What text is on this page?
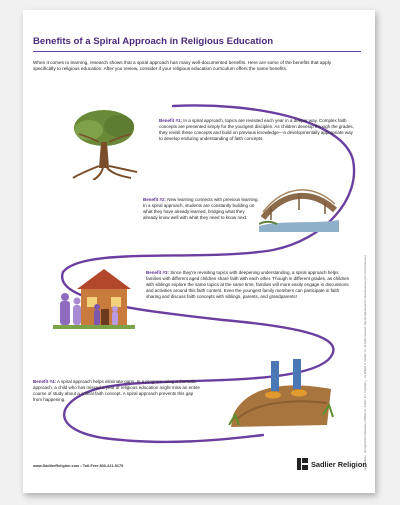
Benefits of a Spiral Approach in Religious Education

When it comes to learning, research shows that a spiral approach has many well-documented benefits. Here are some of the benefits that apply specifically to religious education. After you review, consider if your religious education curriculum offers the same benefits.

Benefit #1: In a spiral approach, topics are revisited each year in a deeper way. Complex faith concepts are presented simply for the youngest disciples. As children develop through the grades, they revisit these concepts and build on previous knowledge—a developmentally appropriate way to develop enduring understanding of faith concepts.

Benefit #2: New learning connects with previous learning. In a spiral approach, students are constantly building on what they have already learned, bridging what they already know well with what they need to know next.

Benefit #3: Since they're revisiting topics with deepening understanding, a spiral approach helps families with different aged children share faith with each other. Though in different grades, as children with siblings explore the same topics at the same time, families will more easily engage in discussions and activities around this faith content. Even the youngest family members can participate in faith sharing and discuss faith concepts with siblings, parents, and grandparents!

Benefit #4: A spiral approach helps eliminate gaps. In a program using a thematic approach, a child who has missed a year of religious education might miss an entire course of study about a critical faith concept. A spiral approach prevents this gap from happening.	and Sadlier® are registered trademarks of William H. Sadlier, Inc. Copyright © by William H. Sadlier, Inc. All rights reserved. May be reproduced for educational use (not commercial use).
www.SadlierReligion.com • Toll-Free 800-221-5175	Sadlier Religion
